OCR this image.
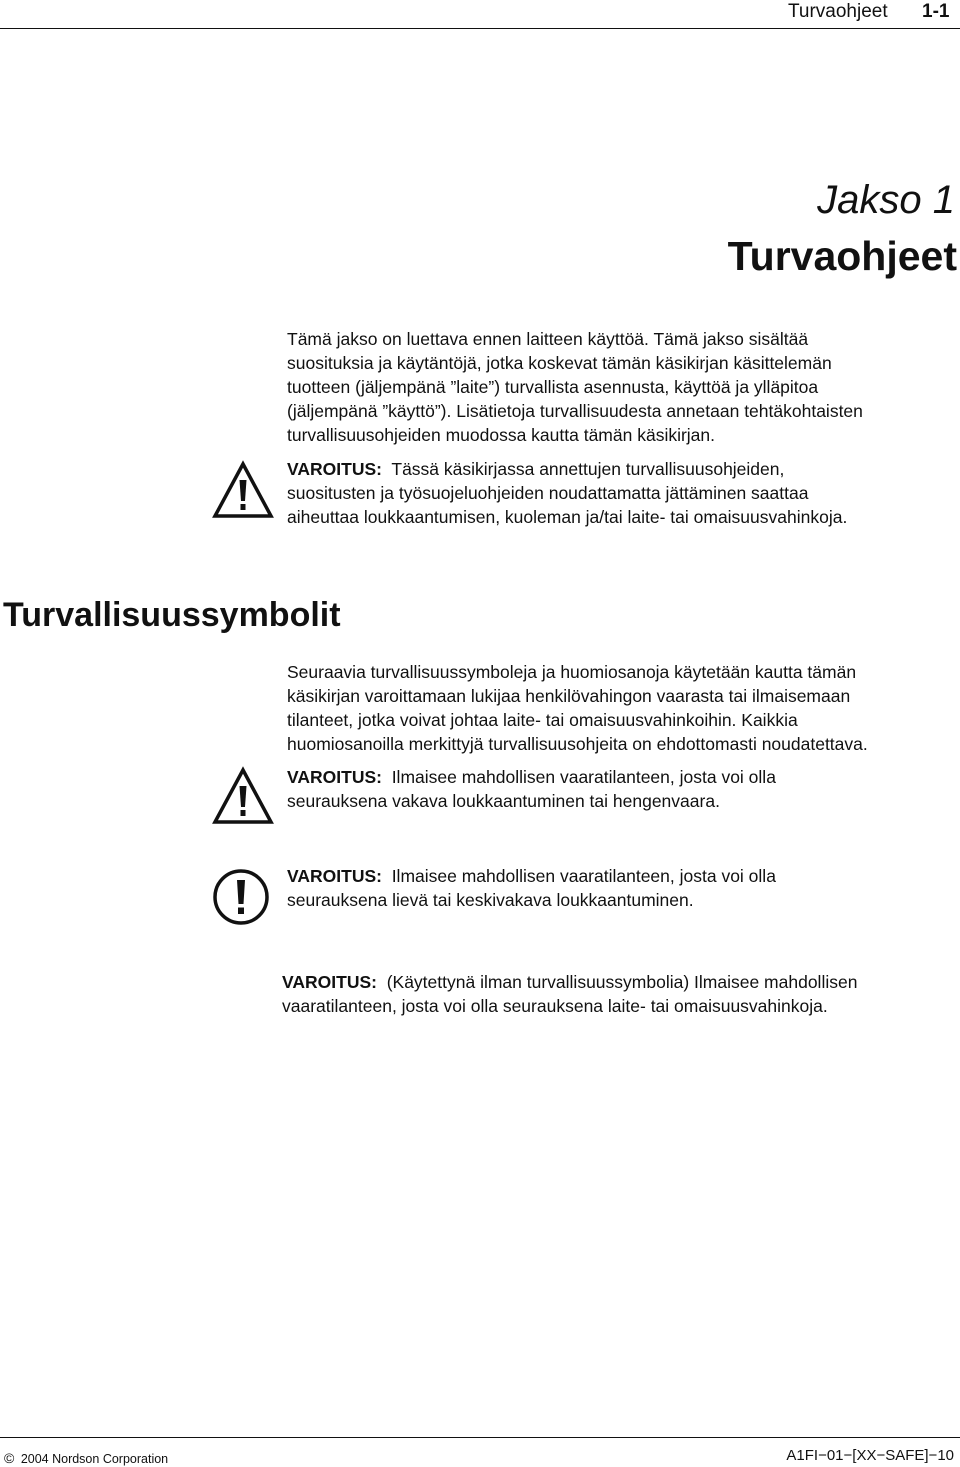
Turvaohjeet 1-1
Jakso 1
Turvaohjeet
Tämä jakso on luettava ennen laitteen käyttöä. Tämä jakso sisältää
suosituksia ja käytäntöjä, jotka koskevat tämän käsikirjan käsittelemän
tuotteen (jäljempänä ”laite”) turvallista asennusta, käyttöä ja ylläpitoa
(jäljempänä ”käyttö”). Lisätietoja turvallisuudesta annetaan tehtäkohtaisten
turvallisuusohjeiden muodossa kautta tämän käsikirjan.
VAROITUS: Tässä käsikirjassa annettujen turvallisuusohjeiden,
suositusten ja työsuojeluohjeiden noudattamatta jättäminen saattaa
aiheuttaa loukkaantumisen, kuoleman ja/tai laite- tai omaisuusvahinkoja.
Turvallisuussymbolit
Seuraavia turvallisuussymboleja ja huomiosanoja käytetään kautta tämän
käsikirjan varoittamaan lukijaa henkilövahingon vaarasta tai ilmaisemaan
tilanteet, jotka voivat johtaa laite- tai omaisuusvahinkoihin. Kaikkia
huomiosanoilla merkittyjä turvallisuusohjeita on ehdottomasti noudatettava.
VAROITUS: Ilmaisee mahdollisen vaaratilanteen, josta voi olla
seurauksena vakava loukkaantuminen tai hengenvaara.
VAROITUS: Ilmaisee mahdollisen vaaratilanteen, josta voi olla
seurauksena lievä tai keskivakava loukkaantuminen.
VAROITUS: (Käytettynä ilman turvallisuussymbolia) Ilmaisee mahdollisen
vaaratilanteen, josta voi olla seurauksena laite- tai omaisuusvahinkoja.
© 2004 Nordson Corporation	A1FI−01−[XX−SAFE]−10
